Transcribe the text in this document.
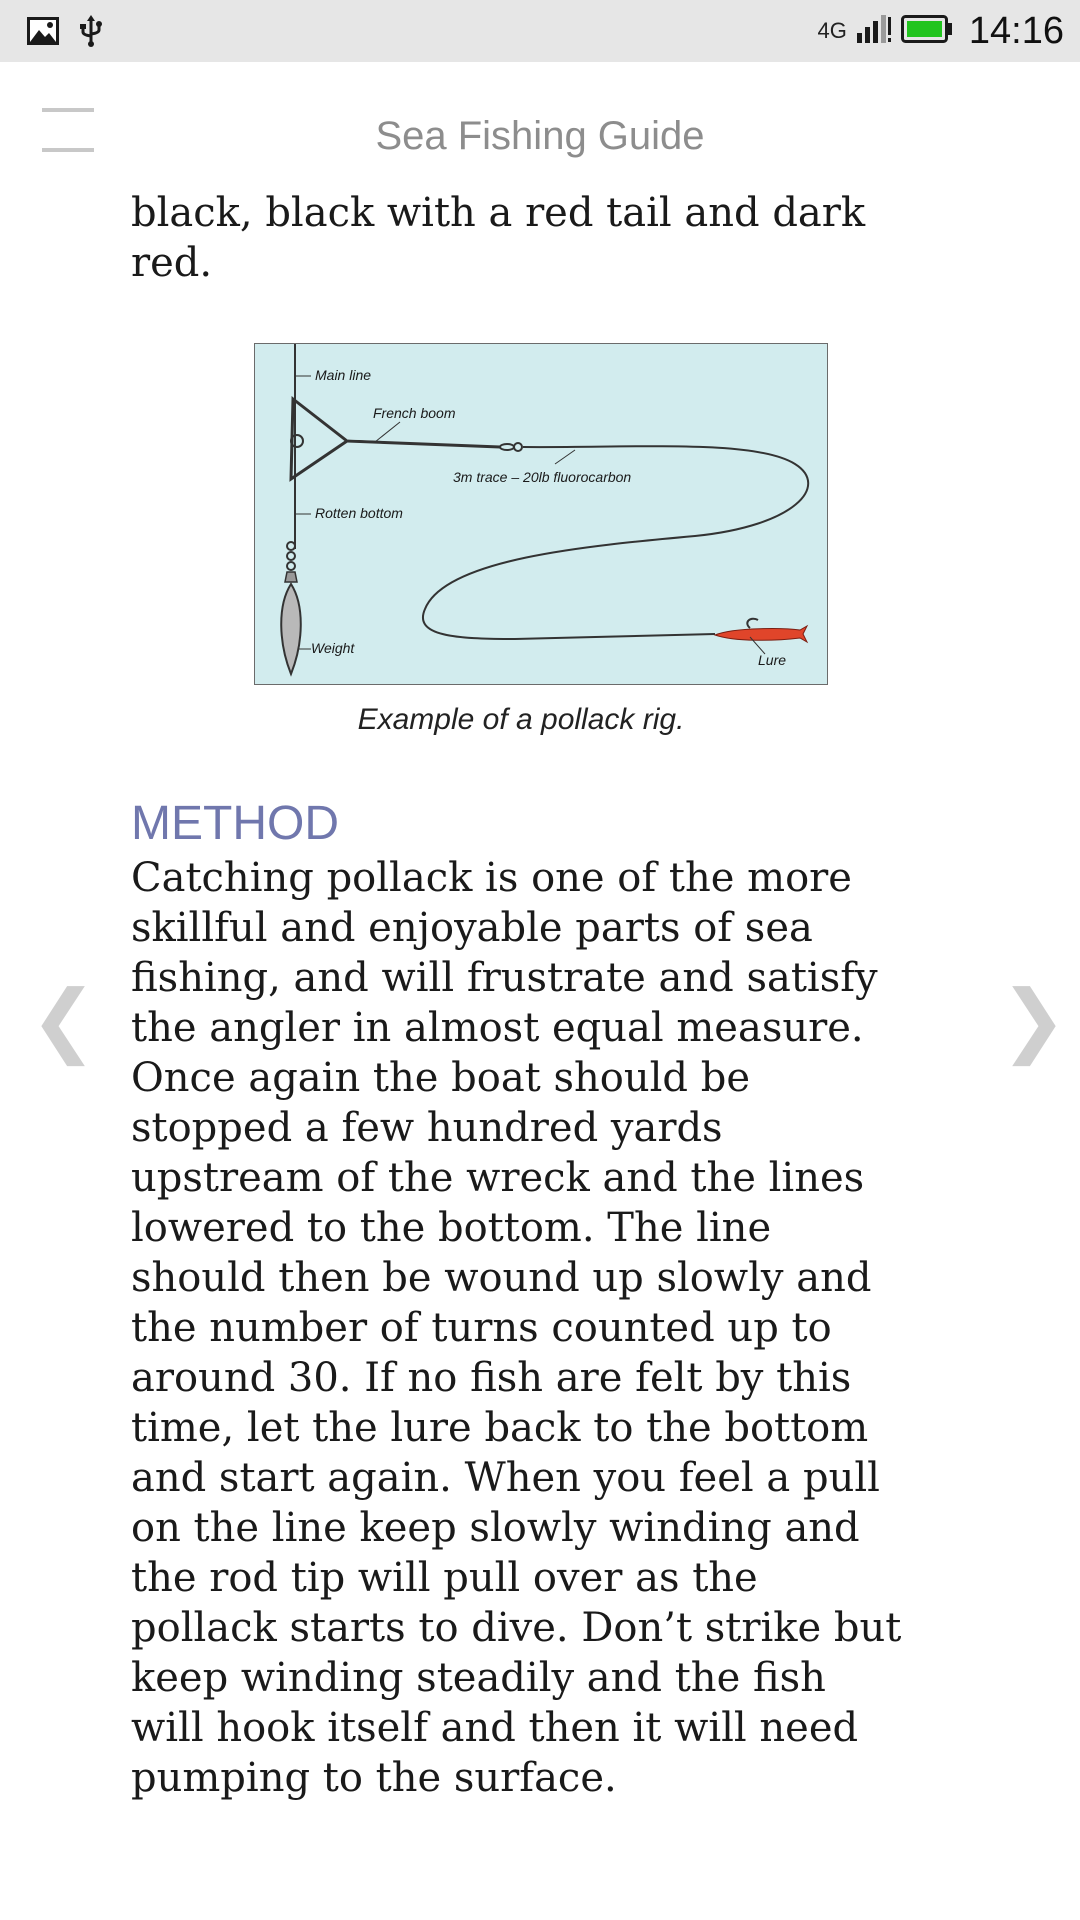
4G	14:16
Sea Fishing Guide

black, black with a red tail and dark red.

Main line
French boom
3m trace – 20lb fluorocarbon
Rotten bottom
Weight
Lure
Example of a pollack rig.
METHOD

Catching pollack is one of the more skillful and enjoyable parts of sea fishing, and will frustrate and satisfy the angler in almost equal measure. Once again the boat should be stopped a few hundred yards upstream of the wreck and the lines lowered to the bottom. The line should then be wound up slowly and the number of turns counted up to around 30. If no fish are felt by this time, let the lure back to the bottom and start again. When you feel a pull on the line keep slowly winding and the rod tip will pull over as the pollack starts to dive. Don’t strike but keep winding steadily and the fish will hook itself and then it will need pumping to the surface.

❮	❯
